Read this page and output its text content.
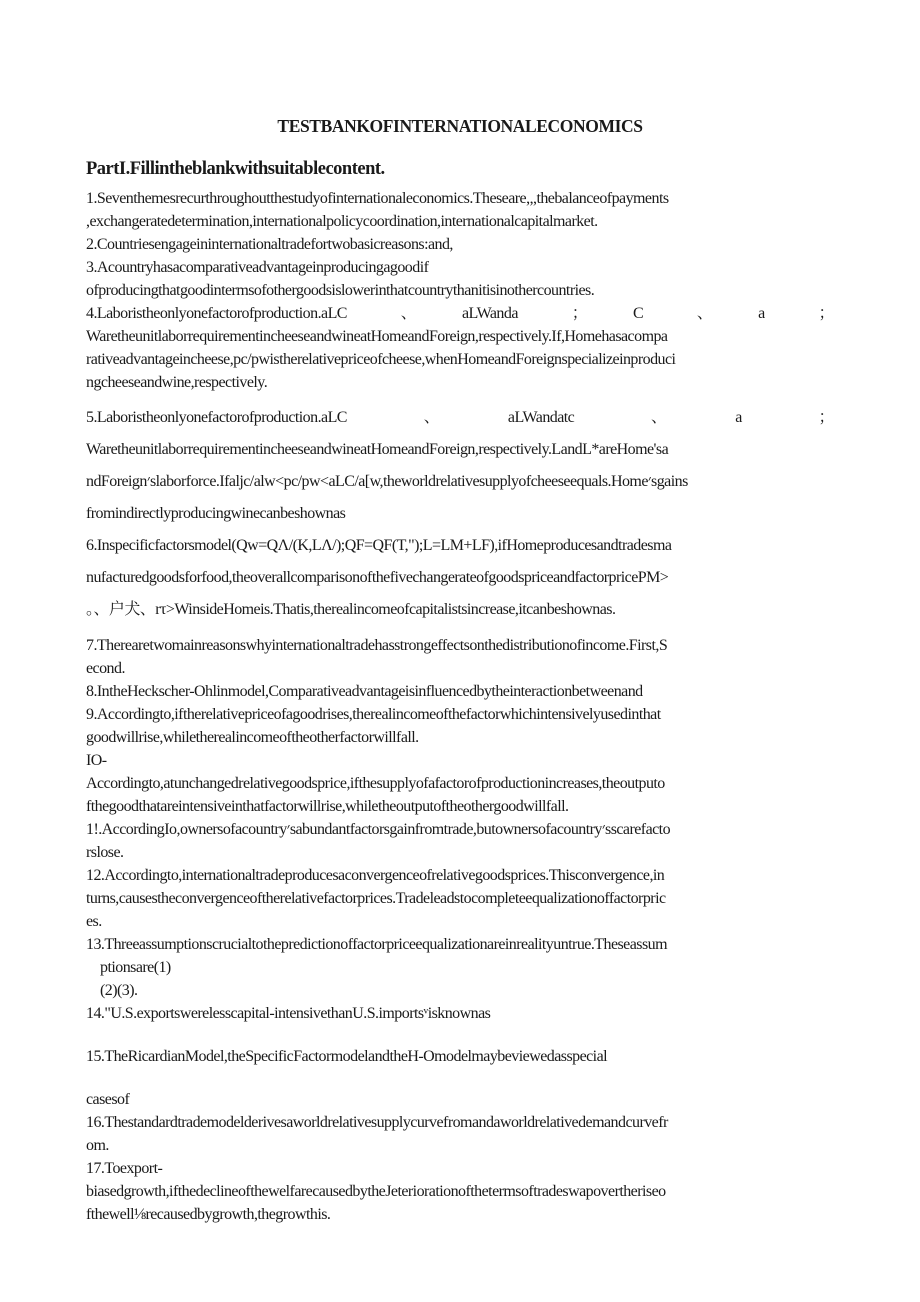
TESTBANKOFINTERNATIONALECONOMICS
PartI.Fillintheblankwithsuitablecontent.
1.Seventhemesrecurthroughoutthestudyofinternationaleconomics.Theseare,,,thebalanceofpayments
,exchangeratedetermination,internationalpolicycoordination,internationalcapitalmarket.
2.Countriesengageininternationaltradefortwobasicreasons:and,
3.Acountryhasacomparativeadvantageinproducingagoodif
ofproducingthatgoodintermsofothergoodsislowerinthatcountrythanitisinothercountries.
4.Laboristheonlyonefactorofproduction.aLC　　、　　aLWanda　　；　　C　　、　　a　　；
WaretheunitlaborrequirementincheeseandwineatHomeandForeign,respectively.If,Homehasacompa
rativeadvantageincheese,pc/pwistherelativepriceofcheese,whenHomeandForeignspecializeinproduci
ngcheeseandwine,respectively.
5.Laboristheonlyonefactorofproduction.aLC　　　、　　　aLWandatc　　　、　　　a　　　；
WaretheunitlaborrequirementincheeseandwineatHomeandForeign,respectively.LandL*areHome'sa
ndForeign׳slaborforce.Ifaljc/alw<pc/pw<aLC/a[w,theworldrelativesupplyofcheeseequals.Home׳sgains
fromindirectlyproducingwinecanbeshownas
6.Inspecificfactorsmodel(Qw=QΛ/(K,LΛ/);QF=QF(T,");L=LM+LF),ifHomeproducesandtradesma
nufacturedgoodsforfood,theoverallcomparisonofthefivechangerateofgoodspriceandfactorpricePM>
。、户犬、rτ>WinsideHomeis.Thatis,therealincomeofcapitalistsincrease,itcanbeshownas.
7.Therearetwomainreasonswhyinternationaltradehasstrongeffectsonthedistributionofincome.First,S
econd.
8.IntheHeckscher-Ohlinmodel,Comparativeadvantageisinfluencedbytheinteractionbetweenand
9.Accordingto,iftherelativepriceofagoodrises,therealincomeofthefactorwhichintensivelyusedinthat
goodwillrise,whiletherealincomeoftheotherfactorwillfall.
IO-
Accordingto,atunchangedrelativegoodsprice,ifthesupplyofafactorofproductionincreases,theoutputo
fthegoodthatareintensiveinthatfactorwillrise,whiletheoutputoftheothergoodwillfall.
1!.AccordingIo,ownersofacountry׳sabundantfactorsgainfromtrade,butownersofacountry׳sscarefacto
rslose.
12.Accordingto,internationaltradeproducesaconvergenceofrelativegoodsprices.Thisconvergence,in
turns,causestheconvergenceoftherelativefactorprices.Tradeleadstocompleteequalizationoffactorpric
es.
13.Threeassumptionscrucialtothepredictionoffactorpriceequalizationareinrealityuntrue.Theseassum
ptionsare(1)
(2)(3).
14."U.S.exportswerelesscapital-intensivethanU.S.importsᵛisknownas
15.TheRicardianModel,theSpecificFactormodelandtheH-Omodelmaybeviewedasspecial
casesof
16.Thestandardtrademodelderivesaworldrelativesupplycurvefromandaworldrelativedemandcurvefr
om.
17.Toexport-
biasedgrowth,ifthedeclineofthewelfarecausedbytheJeteriorationofthetermsoftradeswapovertheriseo
fthewell⅛recausedbygrowth,thegrowthis.
